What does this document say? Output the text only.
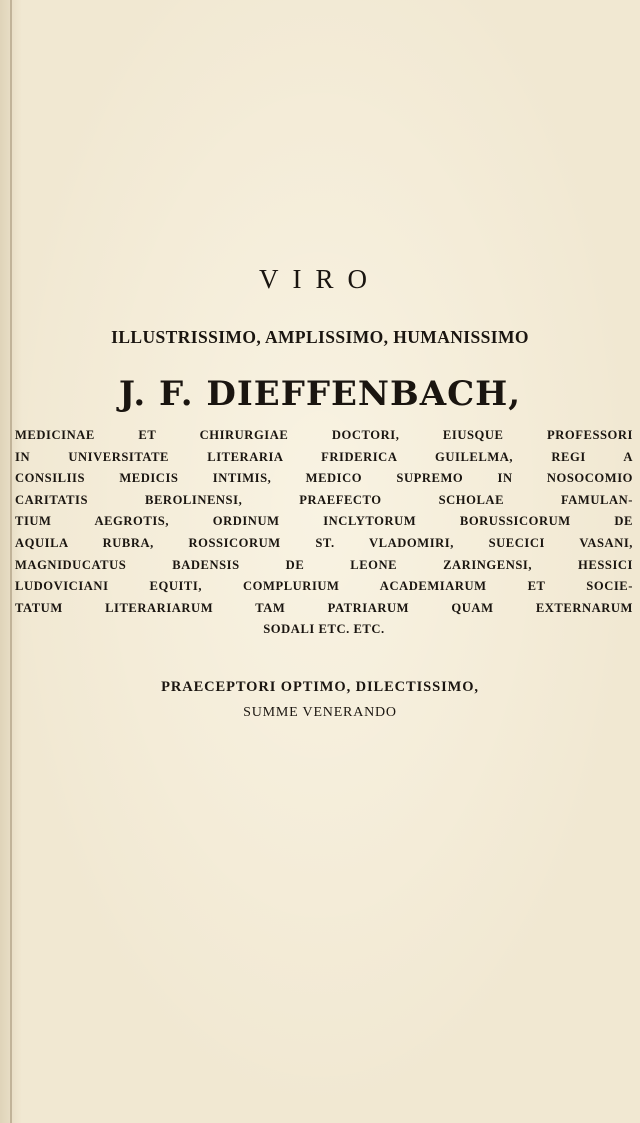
VIRO
ILLUSTRISSIMO, AMPLISSIMO, HUMANISSIMO
J. F. DIEFFENBACH,
MEDICINAE ET CHIRURGIAE DOCTORI, EIUSQUE PROFESSORI
IN UNIVERSITATE LITERARIA FRIDERICA GUILELMA, REGI A
CONSILIIS MEDICIS INTIMIS, MEDICO SUPREMO IN NOSOCOMIO
CARITATIS BEROLINENSI, PRAEFECTO SCHOLAE FAMULAN-
TIUM AEGROTIS, ORDINUM INCLYTORUM BORUSSICORUM DE
AQUILA RUBRA, ROSSICORUM ST. VLADOMIRI, SUECICI VASANI,
MAGNIDUCATUS BADENSIS DE LEONE ZARINGENSI, HESSICI
LUDOVICIANI EQUITI, COMPLURIUM ACADEMIARUM ET SOCIE-
TATUM LITERARIARUM TAM PATRIARUM QUAM EXTERNARUM
SODALI ETC. ETC.
PRAECEPTORI OPTIMO, DILECTISSIMO,
SUMME VENERANDO
